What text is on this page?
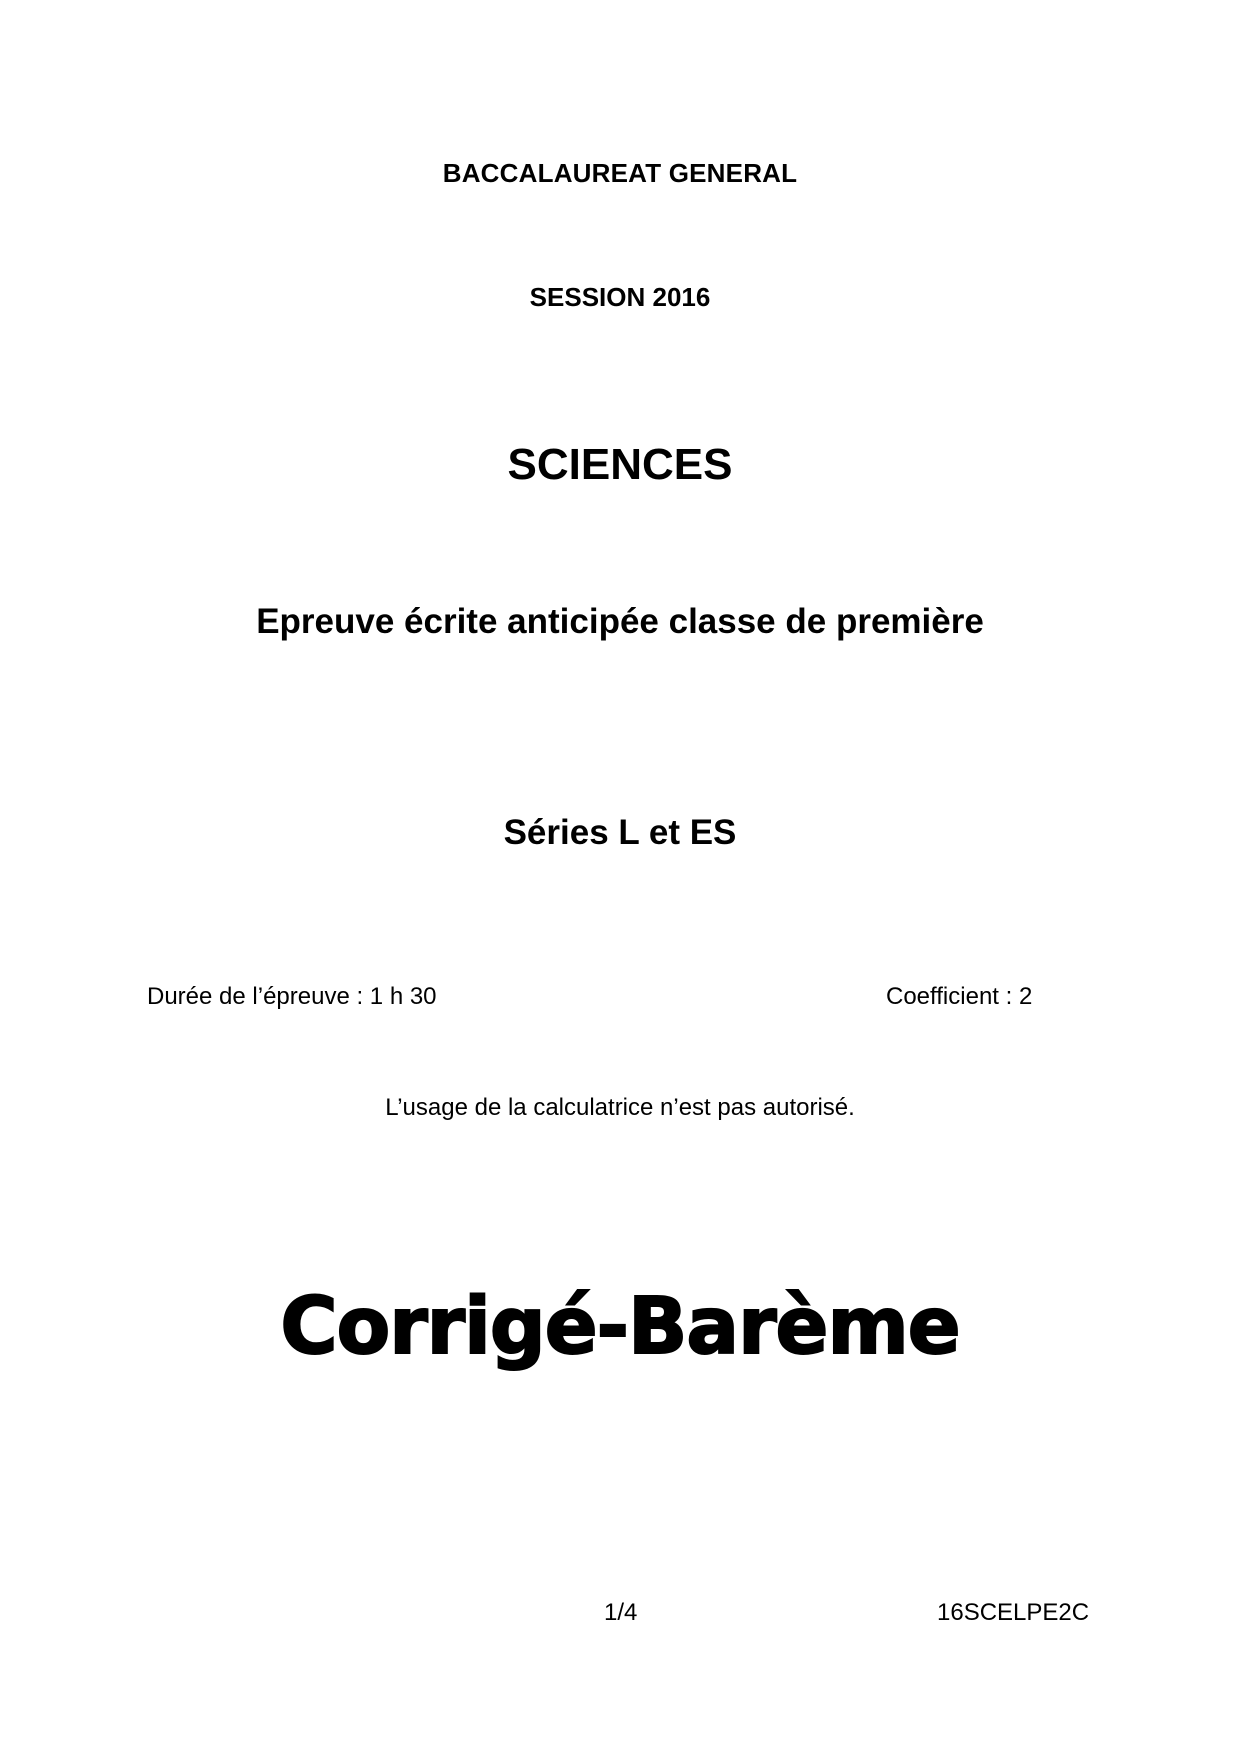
BACCALAUREAT GENERAL
SESSION 2016
SCIENCES
Epreuve écrite anticipée classe de première
Séries L et ES
Durée de l’épreuve : 1 h 30	Coefficient : 2
L’usage de la calculatrice n’est pas autorisé.
Corrigé-Barème
1/4	16SCELPE2C
